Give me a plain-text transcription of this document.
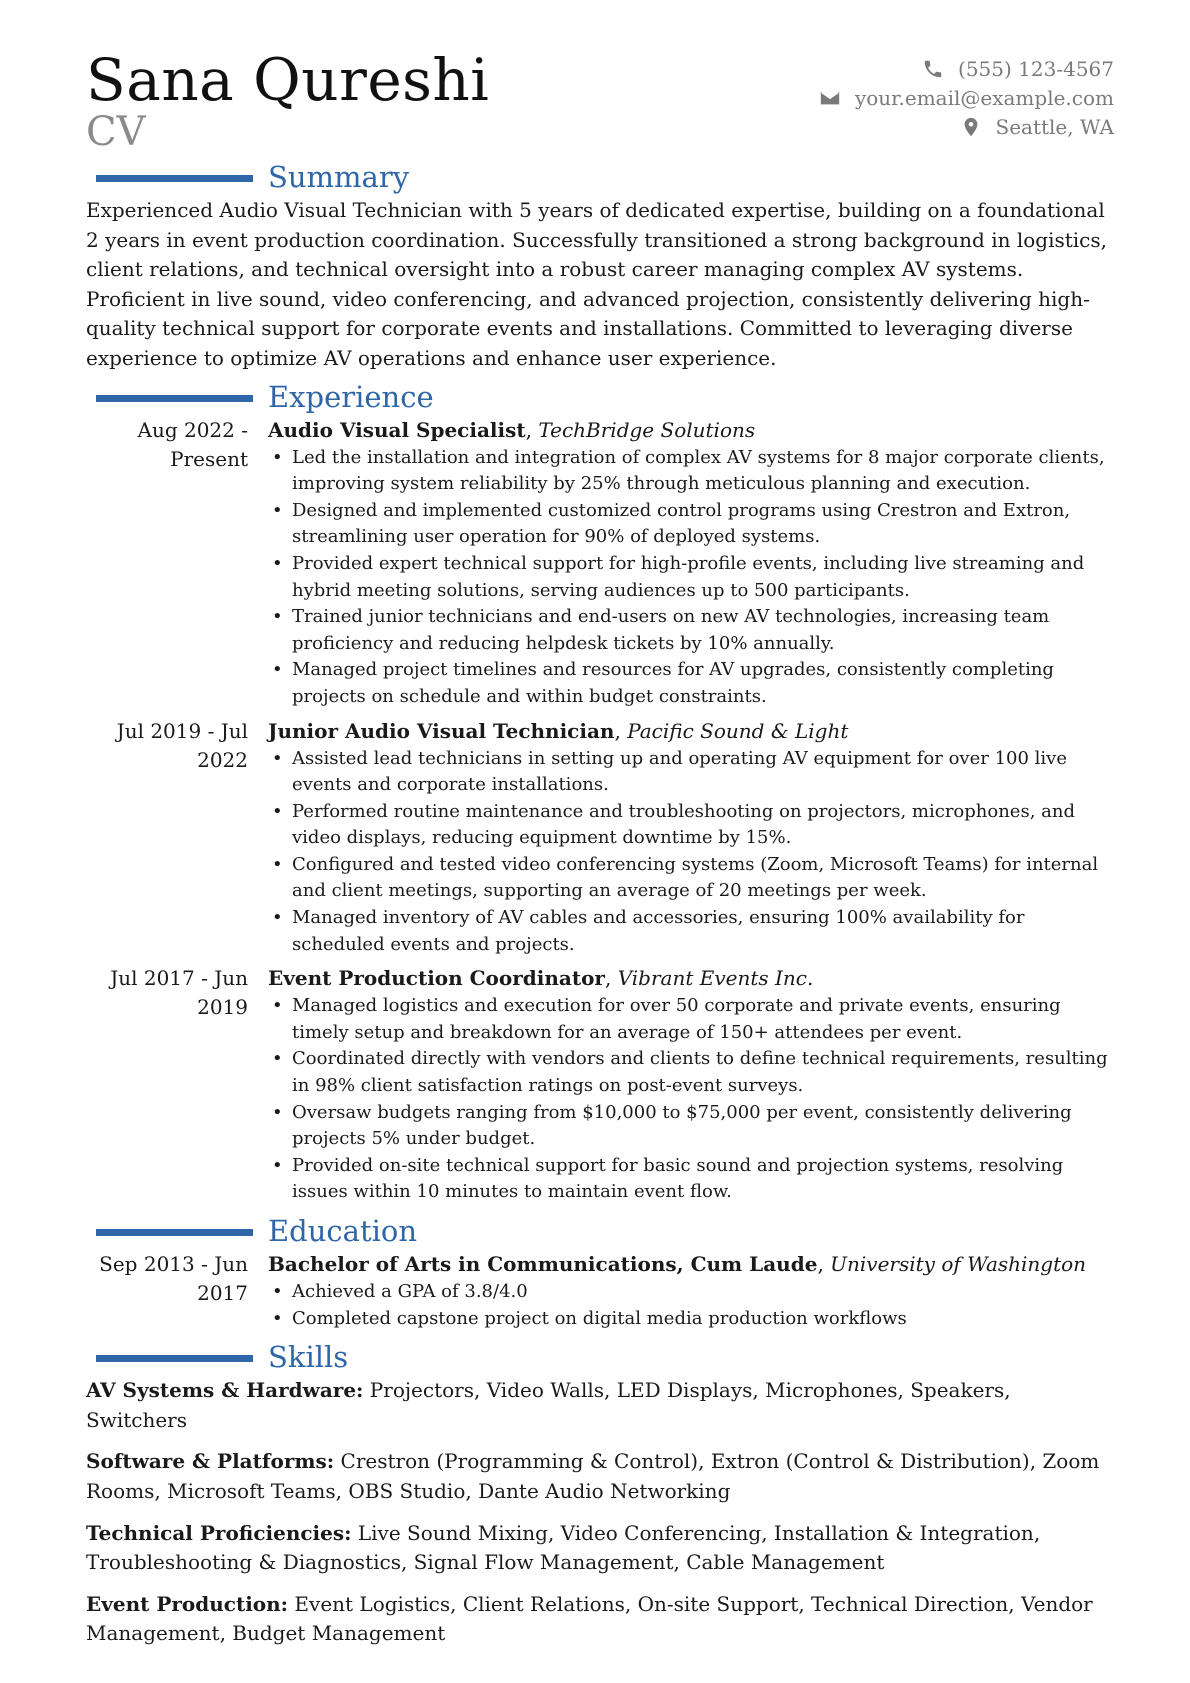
Sana Qureshi
CV
(555) 123-4567
your.email@example.com
Seattle, WA
Summary

Experienced Audio Visual Technician with 5 years of dedicated expertise, building on a foundational 2 years in event production coordination. Successfully transitioned a strong background in logistics, client relations, and technical oversight into a robust career managing complex AV systems. Proficient in live sound, video conferencing, and advanced projection, consistently delivering high-quality technical support for corporate events and installations. Committed to leveraging diverse experience to optimize AV operations and enhance user experience.

Experience
Aug 2022 - Present
Audio Visual Specialist, TechBridge Solutions
• Led the installation and integration of complex AV systems for 8 major corporate clients, improving system reliability by 25% through meticulous planning and execution.
• Designed and implemented customized control programs using Crestron and Extron, streamlining user operation for 90% of deployed systems.
• Provided expert technical support for high-profile events, including live streaming and hybrid meeting solutions, serving audiences up to 500 participants.
• Trained junior technicians and end-users on new AV technologies, increasing team proficiency and reducing helpdesk tickets by 10% annually.
• Managed project timelines and resources for AV upgrades, consistently completing projects on schedule and within budget constraints.
Jul 2019 - Jul 2022
Junior Audio Visual Technician, Pacific Sound & Light
• Assisted lead technicians in setting up and operating AV equipment for over 100 live events and corporate installations.
• Performed routine maintenance and troubleshooting on projectors, microphones, and video displays, reducing equipment downtime by 15%.
• Configured and tested video conferencing systems (Zoom, Microsoft Teams) for internal and client meetings, supporting an average of 20 meetings per week.
• Managed inventory of AV cables and accessories, ensuring 100% availability for scheduled events and projects.
Jul 2017 - Jun 2019
Event Production Coordinator, Vibrant Events Inc.
• Managed logistics and execution for over 50 corporate and private events, ensuring timely setup and breakdown for an average of 150+ attendees per event.
• Coordinated directly with vendors and clients to define technical requirements, resulting in 98% client satisfaction ratings on post-event surveys.
• Oversaw budgets ranging from $10,000 to $75,000 per event, consistently delivering projects 5% under budget.
• Provided on-site technical support for basic sound and projection systems, resolving issues within 10 minutes to maintain event flow.
Education
Sep 2013 - Jun 2017
Bachelor of Arts in Communications, Cum Laude, University of Washington
• Achieved a GPA of 3.8/4.0
• Completed capstone project on digital media production workflows
Skills
AV Systems & Hardware: Projectors, Video Walls, LED Displays, Microphones, Speakers, Switchers
Software & Platforms: Crestron (Programming & Control), Extron (Control & Distribution), Zoom Rooms, Microsoft Teams, OBS Studio, Dante Audio Networking
Technical Proficiencies: Live Sound Mixing, Video Conferencing, Installation & Integration, Troubleshooting & Diagnostics, Signal Flow Management, Cable Management
Event Production: Event Logistics, Client Relations, On-site Support, Technical Direction, Vendor Management, Budget Management
